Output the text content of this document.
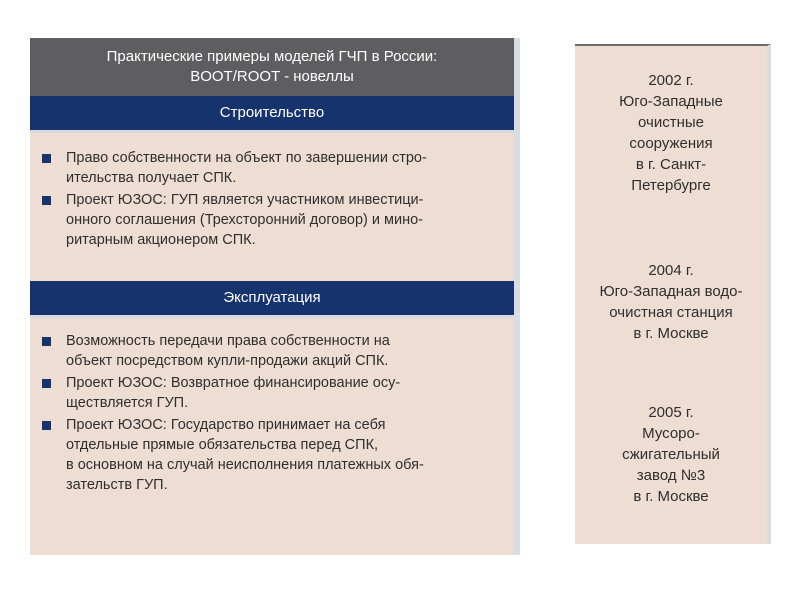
Практические примеры моделей ГЧП в России:
BOOT/ROOT - новеллы
Строительство
Право собственности на объект по завершении стро-
ительства получает СПК.
Проект ЮЗОС: ГУП является участником инвестици-
онного соглашения (Трехсторонний договор) и мино-
ритарным акционером СПК.
Эксплуатация
Возможность передачи права собственности на
объект посредством купли-продажи акций СПК.
Проект ЮЗОС: Возвратное финансирование осу-
ществляется ГУП.
Проект ЮЗОС: Государство принимает на себя
отдельные прямые обязательства перед СПК,
в основном на случай неисполнения платежных обя-
зательств ГУП.
2002 г.
Юго-Западные
очистные
сооружения
в г. Санкт-
Петербурге
2004 г.
Юго-Западная водо-
очистная станция
в г. Москве
2005 г.
Мусоро-
сжигательный
завод №3
в г. Москве
